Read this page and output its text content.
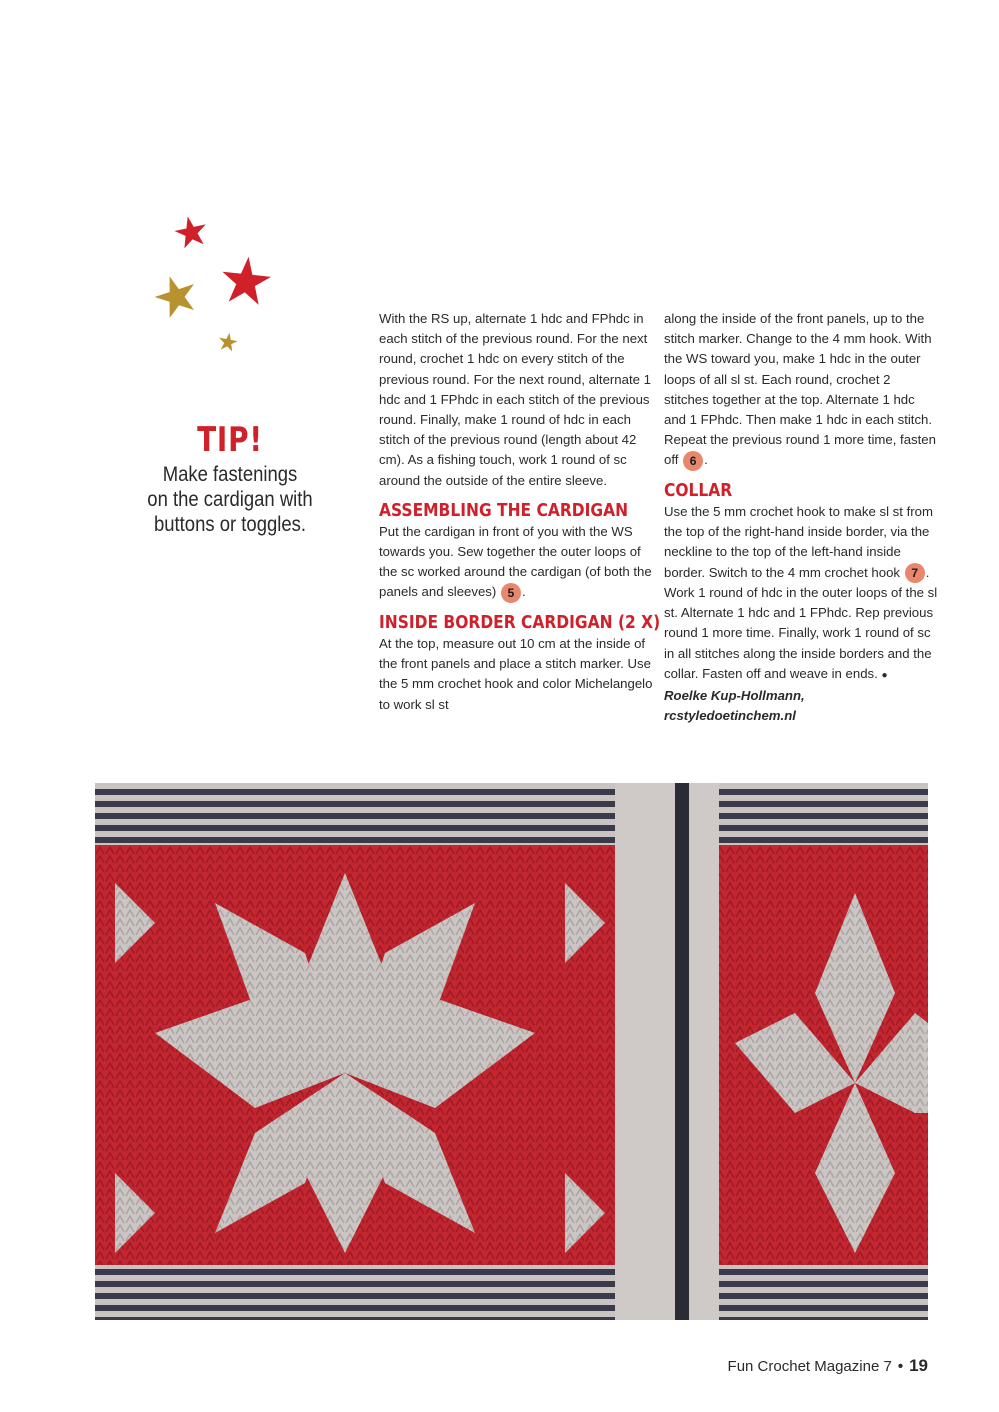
TIP!
Make fastenings
on the cardigan with
buttons or toggles.

With the RS up, alternate 1 hdc and FPhdc in each stitch of the previous round. For the next round, crochet 1 hdc on every stitch of the previous round. For the next round, alternate 1 hdc and 1 FPhdc in each stitch of the previous round. Finally, make 1 round of hdc in each stitch of the previous round (length about 42 cm). As a fishing touch, work 1 round of sc around the outside of the entire sleeve.

ASSEMBLING THE CARDIGAN

Put the cardigan in front of you with the WS towards you. Sew together the outer loops of the sc worked around the cardigan (of both the panels and sleeves) 5 .

INSIDE BORDER CARDIGAN (2 X)

At the top, measure out 10 cm at the inside of the front panels and place a stitch marker. Use the 5 mm crochet hook and color Michelangelo to work sl st

along the inside of the front panels, up to the stitch marker. Change to the 4 mm hook. With the WS toward you, make 1 hdc in the outer loops of all sl st. Each round, crochet 2 stitches together at the top. Alternate 1 hdc and 1 FPhdc. Then make 1 hdc in each stitch. Repeat the previous round 1 more time, fasten off 6 .

COLLAR

Use the 5 mm crochet hook to make sl st from the top of the right-hand inside border, via the neckline to the top of the left-hand inside border. Switch to the 4 mm crochet hook 7 . Work 1 round of hdc in the outer loops of the sl st. Alternate 1 hdc and 1 FPhdc. Rep previous round 1 more time. Finally, work 1 round of sc in all stitches along the inside borders and the collar. Fasten off and weave in ends. ●

Roelke Kup-Hollmann,

rcstyledoetinchem.nl

Fun Crochet Magazine 7 • 19
